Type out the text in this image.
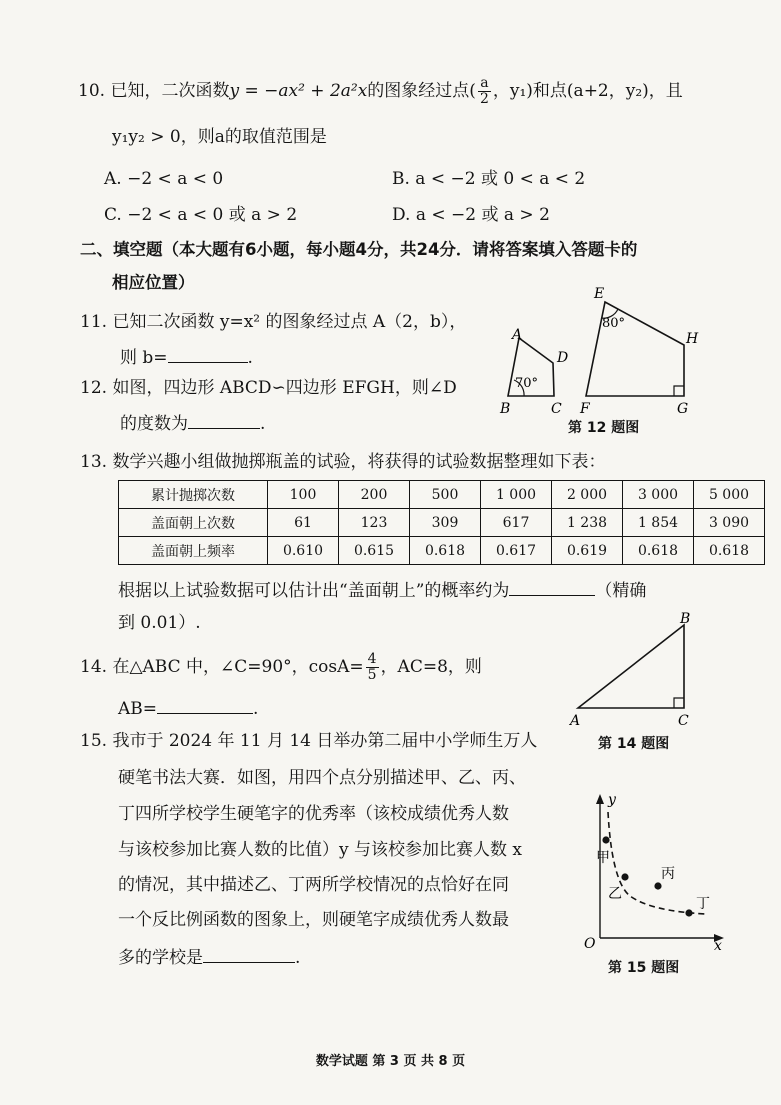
10. 已知，二次函数y = −ax² + 2a²x的图象经过点( $\frac{a}{2}$ ，y₁)和点(a+2，y₂)，且
y₁y₂ > 0，则a的取值范围是
A. −2 < a < 0	B. a < −2 或 0 < a < 2
C. −2 < a < 0 或 a > 2	D. a < −2 或 a > 2
二、填空题（本大题有6小题，每小题4分，共24分．请将答案填入答题卡的
相应位置）
11. 已知二次函数 y=x² 的图象经过点 A（2，b），
则 b=	.
12. 如图，四边形 ABCD∽四边形 EFGH，则∠D
的度数为	.
A
D
B	C
70°
E
H
F	G
80°
第 12 题图
13. 数学兴趣小组做抛掷瓶盖的试验，将获得的试验数据整理如下表：
累计抛掷次数	100	200	500	1 000	2 000	3 000	5 000
盖面朝上次数	61	123	309	617	1 238	1 854	3 090
盖面朝上频率	0.610	0.615	0.618	0.617	0.619	0.618	0.618
根据以上试验数据可以估计出“盖面朝上”的概率约为	（精确
到 0.01）.
14. 在△ABC 中，∠C=90°，$\cos A= \frac{4}{5}$ ，AC=8，则
AB=	.
B
A	C
第 14 题图
15. 我市于 2024 年 11 月 14 日举办第二届中小学师生万人
硬笔书法大赛．如图，用四个点分别描述甲、乙、丙、
丁四所学校学生硬笔字的优秀率（该校成绩优秀人数
与该校参加比赛人数的比值）y 与该校参加比赛人数 x
的情况，其中描述乙、丁两所学校情况的点恰好在同
一个反比例函数的图象上，则硬笔字成绩优秀人数最
多的学校是	.
y
x
O
甲
乙
丙
丁
第 15 题图
数学试题 第 3 页 共 8 页
